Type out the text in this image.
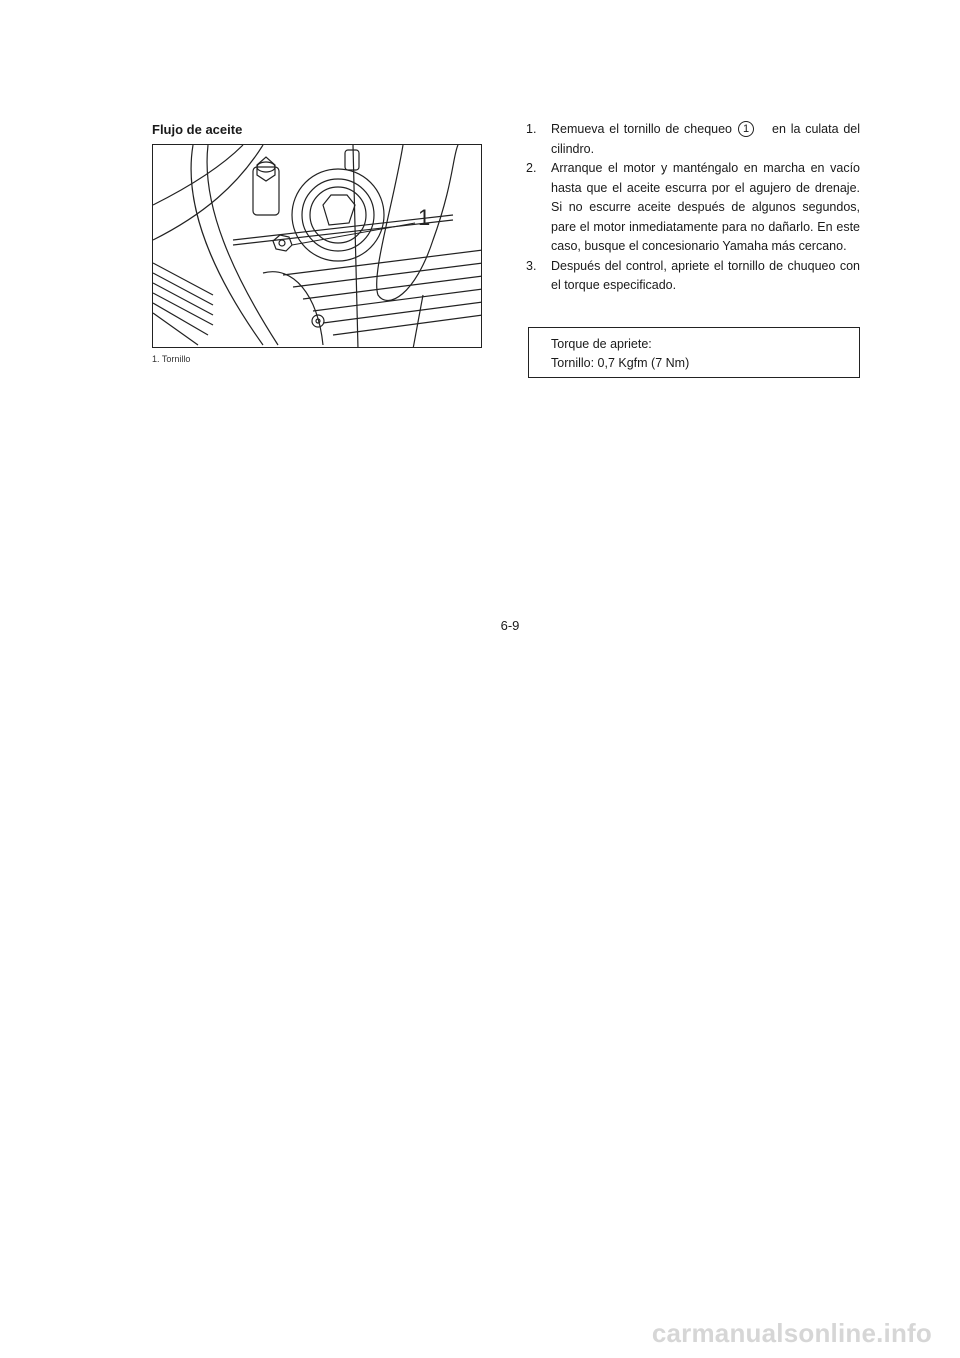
Flujo de aceite
1
1. Tornillo
1. Remueva el tornillo de chequeo 1 en la culata del cilindro.
2. Arranque el motor y manténgalo en marcha en vacío hasta que el aceite escurra por el agujero de drenaje. Si no escurre aceite después de algunos segundos, pare el motor inmediatamente para no dañarlo. En este caso, busque el concesionario Yamaha más cercano.
3. Después del control, apriete el tornillo de chuqueo con el torque especificado.
Torque de apriete:
Tornillo: 0,7 Kgfm (7 Nm)
6-9
carmanualsonline.info
